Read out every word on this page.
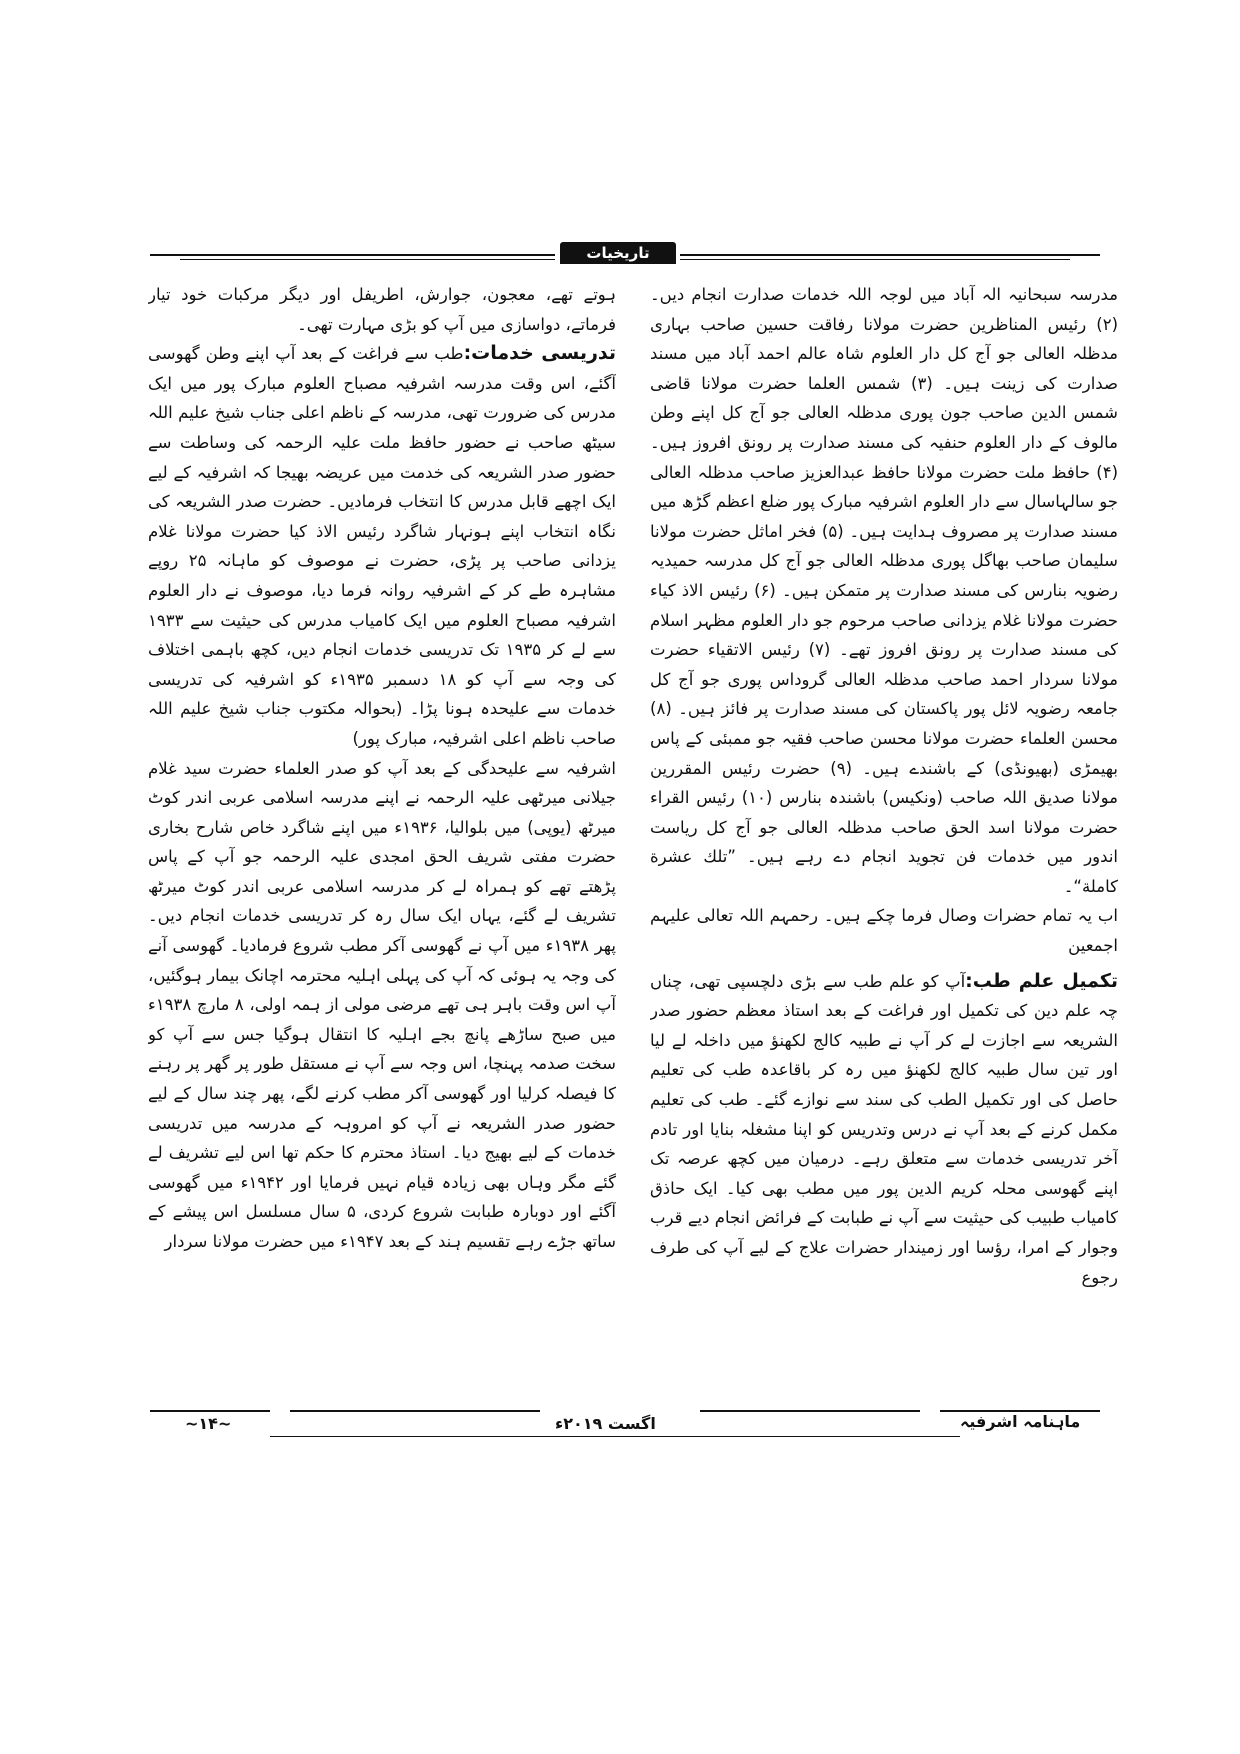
تاریخیات

مدرسہ سبحانیہ الہ آباد میں لوجہ اللہ خدمات صدارت انجام دیں۔ (۲) رئیس المناظرین حضرت مولانا رفاقت حسین صاحب بہاری مدظلہ العالی جو آج کل دار العلوم شاہ عالم احمد آباد میں مسند صدارت کی زینت ہیں۔ (۳) شمس العلما حضرت مولانا قاضی شمس الدین صاحب جون پوری مدظلہ العالی جو آج کل اپنے وطن مالوف کے دار العلوم حنفیہ کی مسند صدارت پر رونق افروز ہیں۔ (۴) حافظ ملت حضرت مولانا حافظ عبدالعزیز صاحب مدظلہ العالی جو سالہاسال سے دار العلوم اشرفیہ مبارک پور ضلع اعظم گڑھ میں مسند صدارت پر مصروف ہدایت ہیں۔ (۵) فخر اماثل حضرت مولانا سلیمان صاحب بھاگل پوری مدظلہ العالی جو آج کل مدرسہ حمیدیہ رضویہ بنارس کی مسند صدارت پر متمکن ہیں۔ (۶) رئیس الاذ کیاء حضرت مولانا غلام یزدانی صاحب مرحوم جو دار العلوم مظہر اسلام کی مسند صدارت پر رونق افروز تھے۔ (۷) رئیس الاتقیاء حضرت مولانا سردار احمد صاحب مدظلہ العالی گروداس پوری جو آج کل جامعہ رضویہ لائل پور پاکستان کی مسند صدارت پر فائز ہیں۔ (۸) محسن العلماء حضرت مولانا محسن صاحب فقیہ جو ممبئی کے پاس بھیمڑی (بھیونڈی) کے باشندے ہیں۔ (۹) حضرت رئیس المقررین مولانا صدیق اللہ صاحب (ونکیس) باشندہ بنارس (۱۰) رئیس القراء حضرت مولانا اسد الحق صاحب مدظلہ العالی جو آج کل ریاست اندور میں خدمات فن تجوید انجام دے رہے ہیں۔ ”تلك عشرة كاملة“۔

اب یہ تمام حضرات وصال فرما چکے ہیں۔ رحمہم اللہ تعالی علیہم اجمعین

تکمیل علم طب:آپ کو علم طب سے بڑی دلچسپی تھی، چناں چہ علم دین کی تکمیل اور فراغت کے بعد استاذ معظم حضور صدر الشریعہ سے اجازت لے کر آپ نے طبیہ کالج لکھنؤ میں داخلہ لے لیا اور تین سال طبیہ کالج لکھنؤ میں رہ کر باقاعدہ طب کی تعلیم حاصل کی اور تکمیل الطب کی سند سے نوازے گئے۔ طب کی تعلیم مکمل کرنے کے بعد آپ نے درس وتدریس کو اپنا مشغلہ بنایا اور تادم آخر تدریسی خدمات سے متعلق رہے۔ درمیان میں کچھ عرصہ تک اپنے گھوسی محلہ کریم الدین پور میں مطب بھی کیا۔ ایک حاذق کامیاب طبیب کی حیثیت سے آپ نے طبابت کے فرائض انجام دیے قرب وجوار کے امرا، رؤسا اور زمیندار حضرات علاج کے لیے آپ کی طرف رجوع

ہوتے تھے، معجون، جوارش، اطریفل اور دیگر مرکبات خود تیار فرماتے، دواسازی میں آپ کو بڑی مہارت تھی۔

تدریسی خدمات:طب سے فراغت کے بعد آپ اپنے وطن گھوسی آگئے، اس وقت مدرسہ اشرفیہ مصباح العلوم مبارک پور میں ایک مدرس کی ضرورت تھی، مدرسہ کے ناظم اعلی جناب شیخ علیم اللہ سیٹھ صاحب نے حضور حافظ ملت علیہ الرحمہ کی وساطت سے حضور صدر الشریعہ کی خدمت میں عریضہ بھیجا کہ اشرفیہ کے لیے ایک اچھے قابل مدرس کا انتخاب فرمادیں۔ حضرت صدر الشریعہ کی نگاہ انتخاب اپنے ہونہار شاگرد رئیس الاذ کیا حضرت مولانا غلام یزدانی صاحب پر پڑی، حضرت نے موصوف کو ماہانہ ۲۵ روپے مشاہرہ طے کر کے اشرفیہ روانہ فرما دیا، موصوف نے دار العلوم اشرفیہ مصباح العلوم میں ایک کامیاب مدرس کی حیثیت سے ۱۹۳۳ سے لے کر ۱۹۳۵ تک تدریسی خدمات انجام دیں، کچھ باہمی اختلاف کی وجہ سے آپ کو ۱۸ دسمبر ۱۹۳۵ء کو اشرفیہ کی تدریسی خدمات سے علیحدہ ہونا پڑا۔ (بحوالہ مکتوب جناب شیخ علیم اللہ صاحب ناظم اعلی اشرفیہ، مبارک پور)

اشرفیہ سے علیحدگی کے بعد آپ کو صدر العلماء حضرت سید غلام جیلانی میرٹھی علیہ الرحمہ نے اپنے مدرسہ اسلامی عربی اندر کوٹ میرٹھ (یوپی) میں بلوالیا، ۱۹۳۶ء میں اپنے شاگرد خاص شارح بخاری حضرت مفتی شریف الحق امجدی علیہ الرحمہ جو آپ کے پاس پڑھتے تھے کو ہمراہ لے کر مدرسہ اسلامی عربی اندر کوٹ میرٹھ تشریف لے گئے، یہاں ایک سال رہ کر تدریسی خدمات انجام دیں۔ پھر ۱۹۳۸ء میں آپ نے گھوسی آکر مطب شروع فرمادیا۔ گھوسی آنے کی وجہ یہ ہوئی کہ آپ کی پہلی اہلیہ محترمہ اچانک بیمار ہوگئیں، آپ اس وقت باہر ہی تھے مرضی مولی از ہمہ اولی، ۸ مارچ ۱۹۳۸ء میں صبح ساڑھے پانچ بجے اہلیہ کا انتقال ہوگیا جس سے آپ کو سخت صدمہ پہنچا، اس وجہ سے آپ نے مستقل طور پر گھر پر رہنے کا فیصلہ کرلیا اور گھوسی آکر مطب کرنے لگے، پھر چند سال کے لیے حضور صدر الشریعہ نے آپ کو امروہہ کے مدرسہ میں تدریسی خدمات کے لیے بھیج دیا۔ استاذ محترم کا حکم تھا اس لیے تشریف لے گئے مگر وہاں بھی زیادہ قیام نہیں فرمایا اور ۱۹۴۲ء میں گھوسی آگئے اور دوبارہ طبابت شروع کردی، ۵ سال مسلسل اس پیشے کے ساتھ جڑے رہے تقسیم ہند کے بعد ۱۹۴۷ء میں حضرت مولانا سردار

ماہنامہ اشرفیہ
اگست ۲۰۱۹ء
~۱۴~
